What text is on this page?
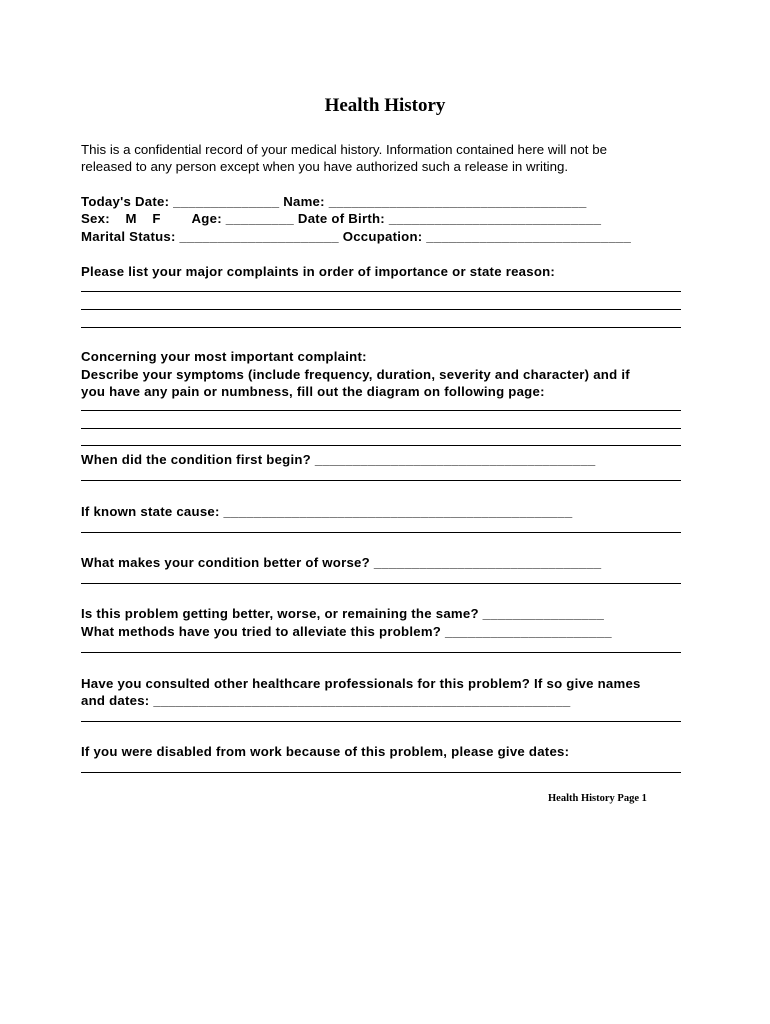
Health History
This is a confidential record of your medical history. Information contained here will not be
released to any person except when you have authorized such a release in writing.
Today's Date: ______________ Name: __________________________________
Sex:    M    F        Age: _________ Date of Birth: ____________________________
Marital Status: _____________________ Occupation: ___________________________
Please list your major complaints in order of importance or state reason:
Concerning your most important complaint:
Describe your symptoms (include frequency, duration, severity and character) and if
you have any pain or numbness, fill out the diagram on following page:
When did the condition first begin? _____________________________________
If known state cause: ______________________________________________
What makes your condition better of worse? ______________________________
Is this problem getting better, worse, or remaining the same? ________________
What methods have you tried to alleviate this problem? ______________________
Have you consulted other healthcare professionals for this problem? If so give names
and dates: _______________________________________________________
If you were disabled from work because of this problem, please give dates:
Health History Page 1
